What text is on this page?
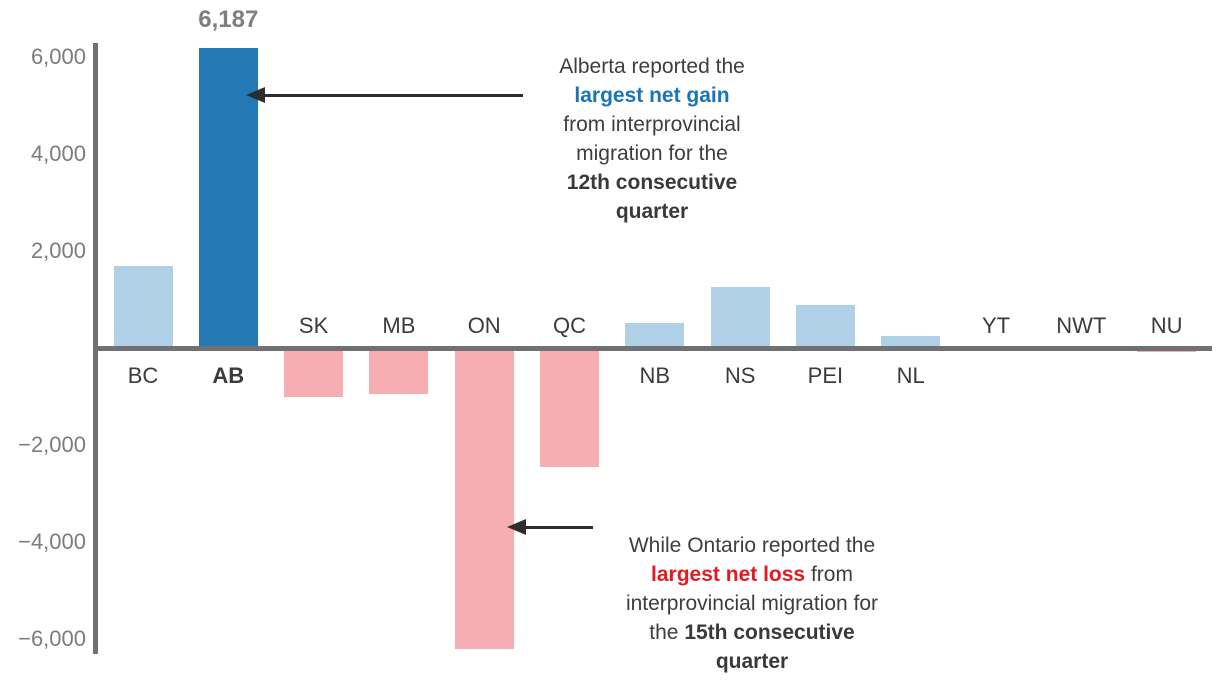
6,000
4,000
2,000
−2,000
−4,000
−6,000
BC	AB
SK	MB	ON	QC
NB	NS	PEI	NL
YT	NWT	NU
6,187
Alberta reported the
largest net gain
from interprovincial
migration for the
12th consecutive
quarter
While Ontario reported the
largest net loss from
interprovincial migration for
the 15th consecutive
quarter
